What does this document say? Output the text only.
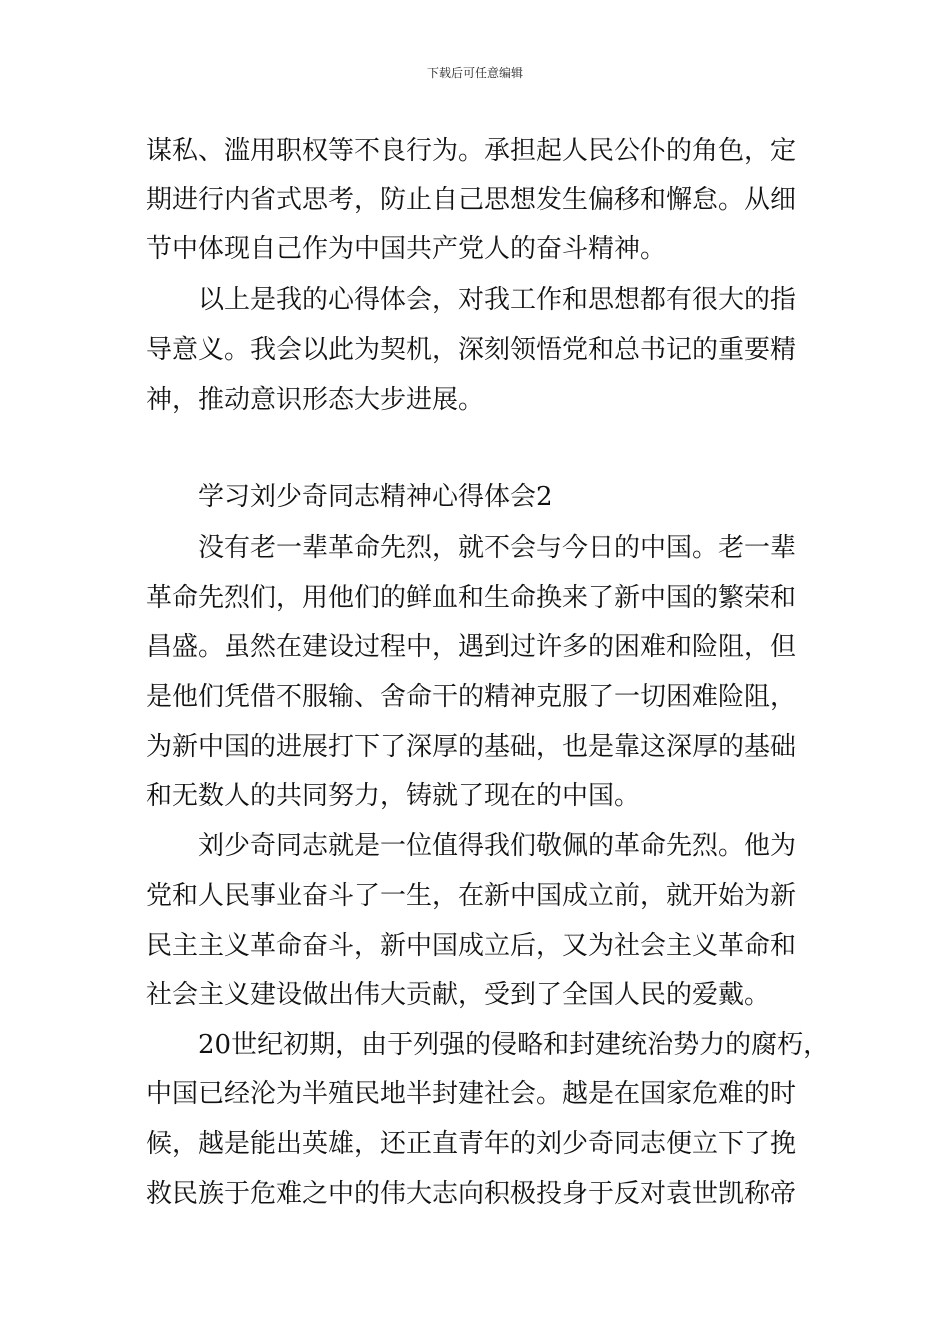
下载后可任意编辑
谋私、滥用职权等不良行为。承担起人民公仆的角色，定
期进行内省式思考，防止自己思想发生偏移和懈怠。从细
节中体现自己作为中国共产党人的奋斗精神。
以上是我的心得体会，对我工作和思想都有很大的指
导意义。我会以此为契机，深刻领悟党和总书记的重要精
神，推动意识形态大步进展。
学习刘少奇同志精神心得体会2
没有老一辈革命先烈，就不会与今日的中国。老一辈
革命先烈们，用他们的鲜血和生命换来了新中国的繁荣和
昌盛。虽然在建设过程中，遇到过许多的困难和险阻，但
是他们凭借不服输、舍命干的精神克服了一切困难险阻，
为新中国的进展打下了深厚的基础，也是靠这深厚的基础
和无数人的共同努力，铸就了现在的中国。
刘少奇同志就是一位值得我们敬佩的革命先烈。他为
党和人民事业奋斗了一生，在新中国成立前，就开始为新
民主主义革命奋斗，新中国成立后，又为社会主义革命和
社会主义建设做出伟大贡献，受到了全国人民的爱戴。
20世纪初期，由于列强的侵略和封建统治势力的腐朽，
中国已经沦为半殖民地半封建社会。越是在国家危难的时
候，越是能出英雄，还正直青年的刘少奇同志便立下了挽
救民族于危难之中的伟大志向积极投身于反对袁世凯称帝
